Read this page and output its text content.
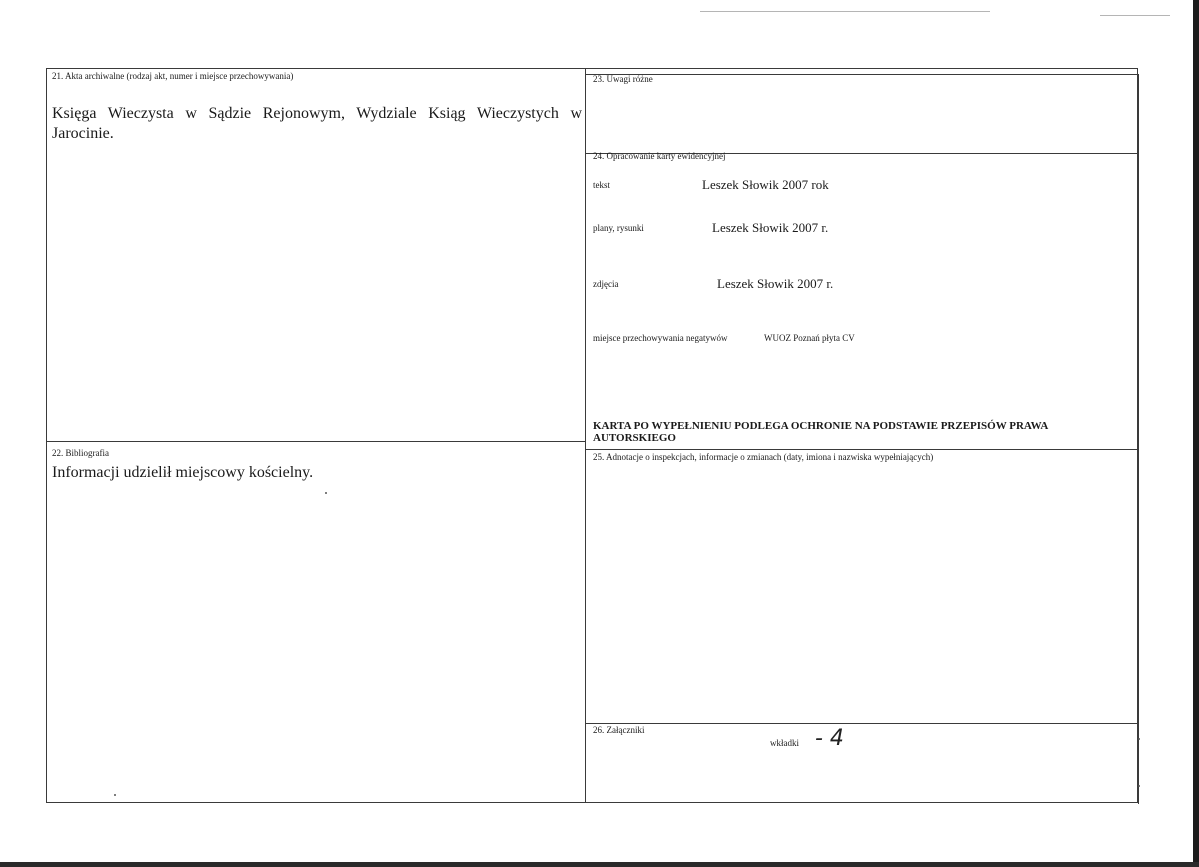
21. Akta archiwalne (rodzaj akt, numer i miejsce przechowywania)
Księga Wieczysta w Sądzie Rejonowym, Wydziale Ksiąg Wieczystych w
Jarocinie.
22. Bibliografia
Informacji udzielił miejscowy kościelny.
23. Uwagi różne
24. Opracowanie karty ewidencyjnej
tekst	Leszek Słowik 2007 rok
plany, rysunki	Leszek Słowik 2007 r.
zdjęcia	Leszek Słowik 2007 r.
miejsce przechowywania negatywów	WUOZ Poznań płyta CV
KARTA PO WYPEŁNIENIU PODLEGA OCHRONIE NA PODSTAWIE PRZEPISÓW PRAWA
AUTORSKIEGO
25. Adnotacje o inspekcjach, informacje o zmianach (daty, imiona i nazwiska wypełniających)
26. Załączniki
wkładki - 4
